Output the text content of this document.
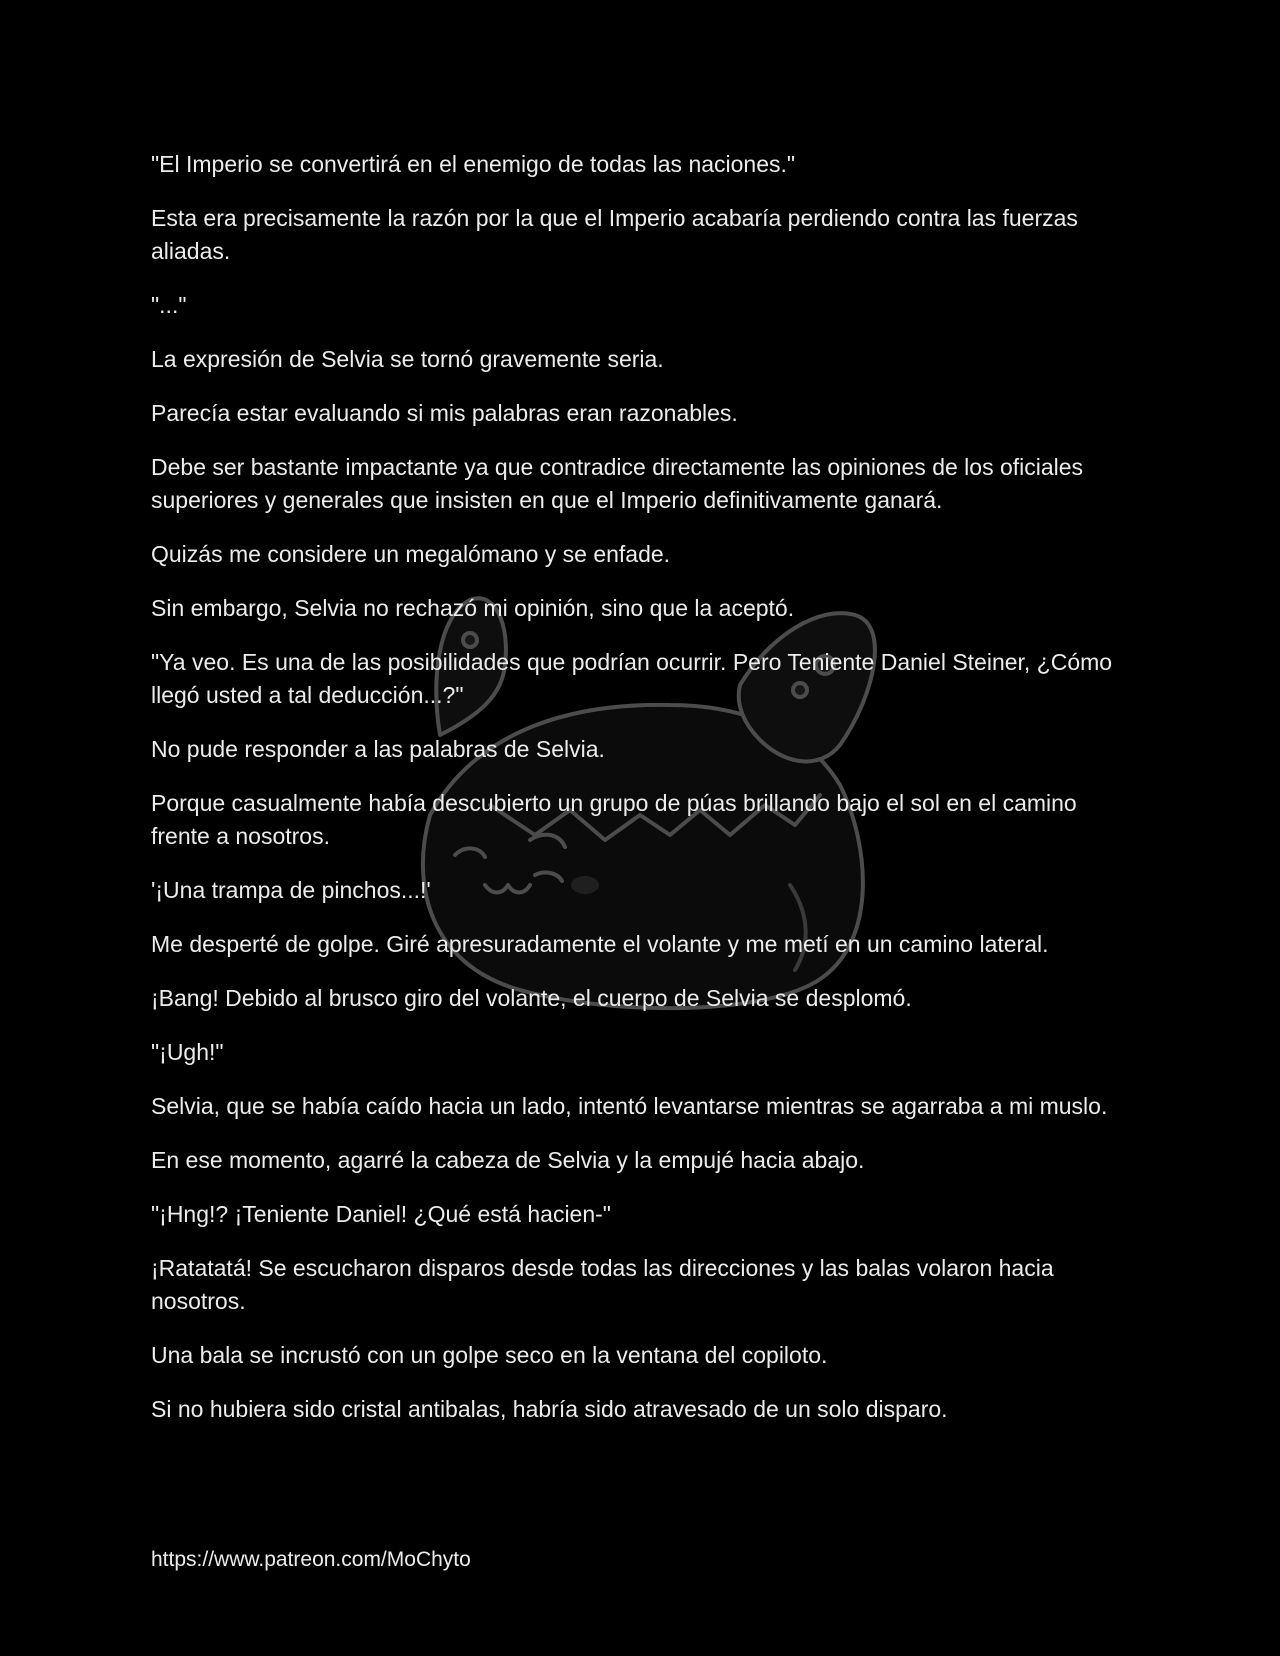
"El Imperio se convertirá en el enemigo de todas las naciones."

Esta era precisamente la razón por la que el Imperio acabaría perdiendo contra las fuerzas aliadas.

"..."

La expresión de Selvia se tornó gravemente seria.

Parecía estar evaluando si mis palabras eran razonables.

Debe ser bastante impactante ya que contradice directamente las opiniones de los oficiales superiores y generales que insisten en que el Imperio definitivamente ganará.

Quizás me considere un megalómano y se enfade.

Sin embargo, Selvia no rechazó mi opinión, sino que la aceptó.

"Ya veo. Es una de las posibilidades que podrían ocurrir. Pero Teniente Daniel Steiner, ¿Cómo llegó usted a tal deducción...?"

No pude responder a las palabras de Selvia.

Porque casualmente había descubierto un grupo de púas brillando bajo el sol en el camino frente a nosotros.

'¡Una trampa de pinchos...!'

Me desperté de golpe. Giré apresuradamente el volante y me metí en un camino lateral.

¡Bang! Debido al brusco giro del volante, el cuerpo de Selvia se desplomó.

"¡Ugh!"

Selvia, que se había caído hacia un lado, intentó levantarse mientras se agarraba a mi muslo.

En ese momento, agarré la cabeza de Selvia y la empujé hacia abajo.

"¡Hng!? ¡Teniente Daniel! ¿Qué está hacien-"

¡Ratatatá! Se escucharon disparos desde todas las direcciones y las balas volaron hacia nosotros.

Una bala se incrustó con un golpe seco en la ventana del copiloto.

Si no hubiera sido cristal antibalas, habría sido atravesado de un solo disparo.

https://www.patreon.com/MoChyto
